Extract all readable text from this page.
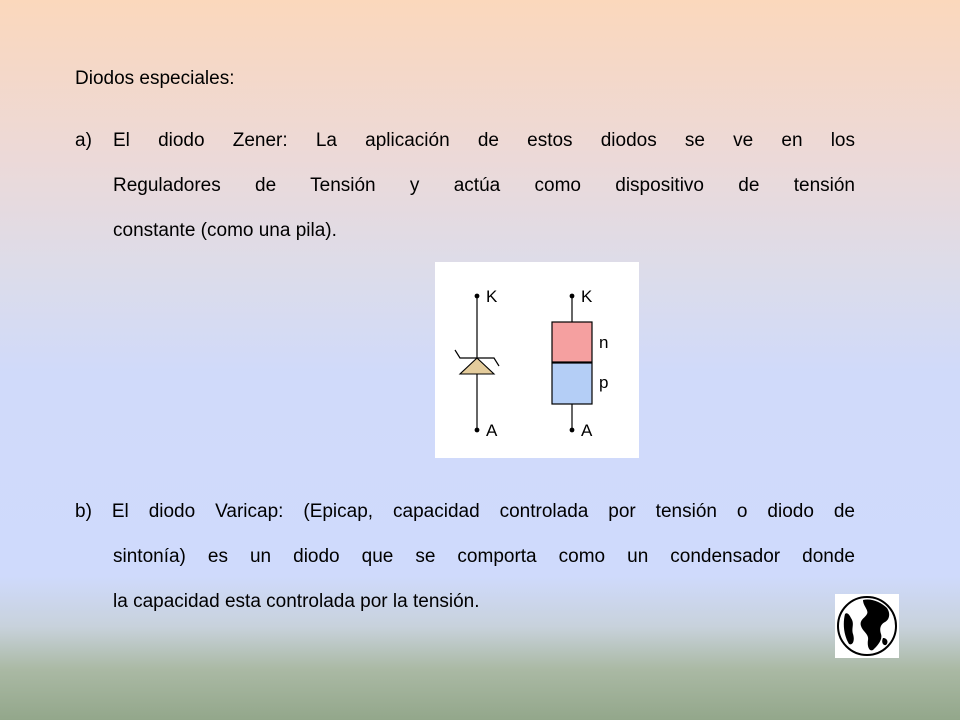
Diodos especiales:
a) El diodo Zener: La aplicación de estos diodos se ve en los
Reguladores de Tensión y actúa como dispositivo de tensión
constante (como una pila).
K
A
K
A
n
p
b) El diodo Varicap: (Epicap, capacidad controlada por tensión o diodo de
sintonía) es un diodo que se comporta como un condensador donde
la capacidad esta controlada por la tensión.
